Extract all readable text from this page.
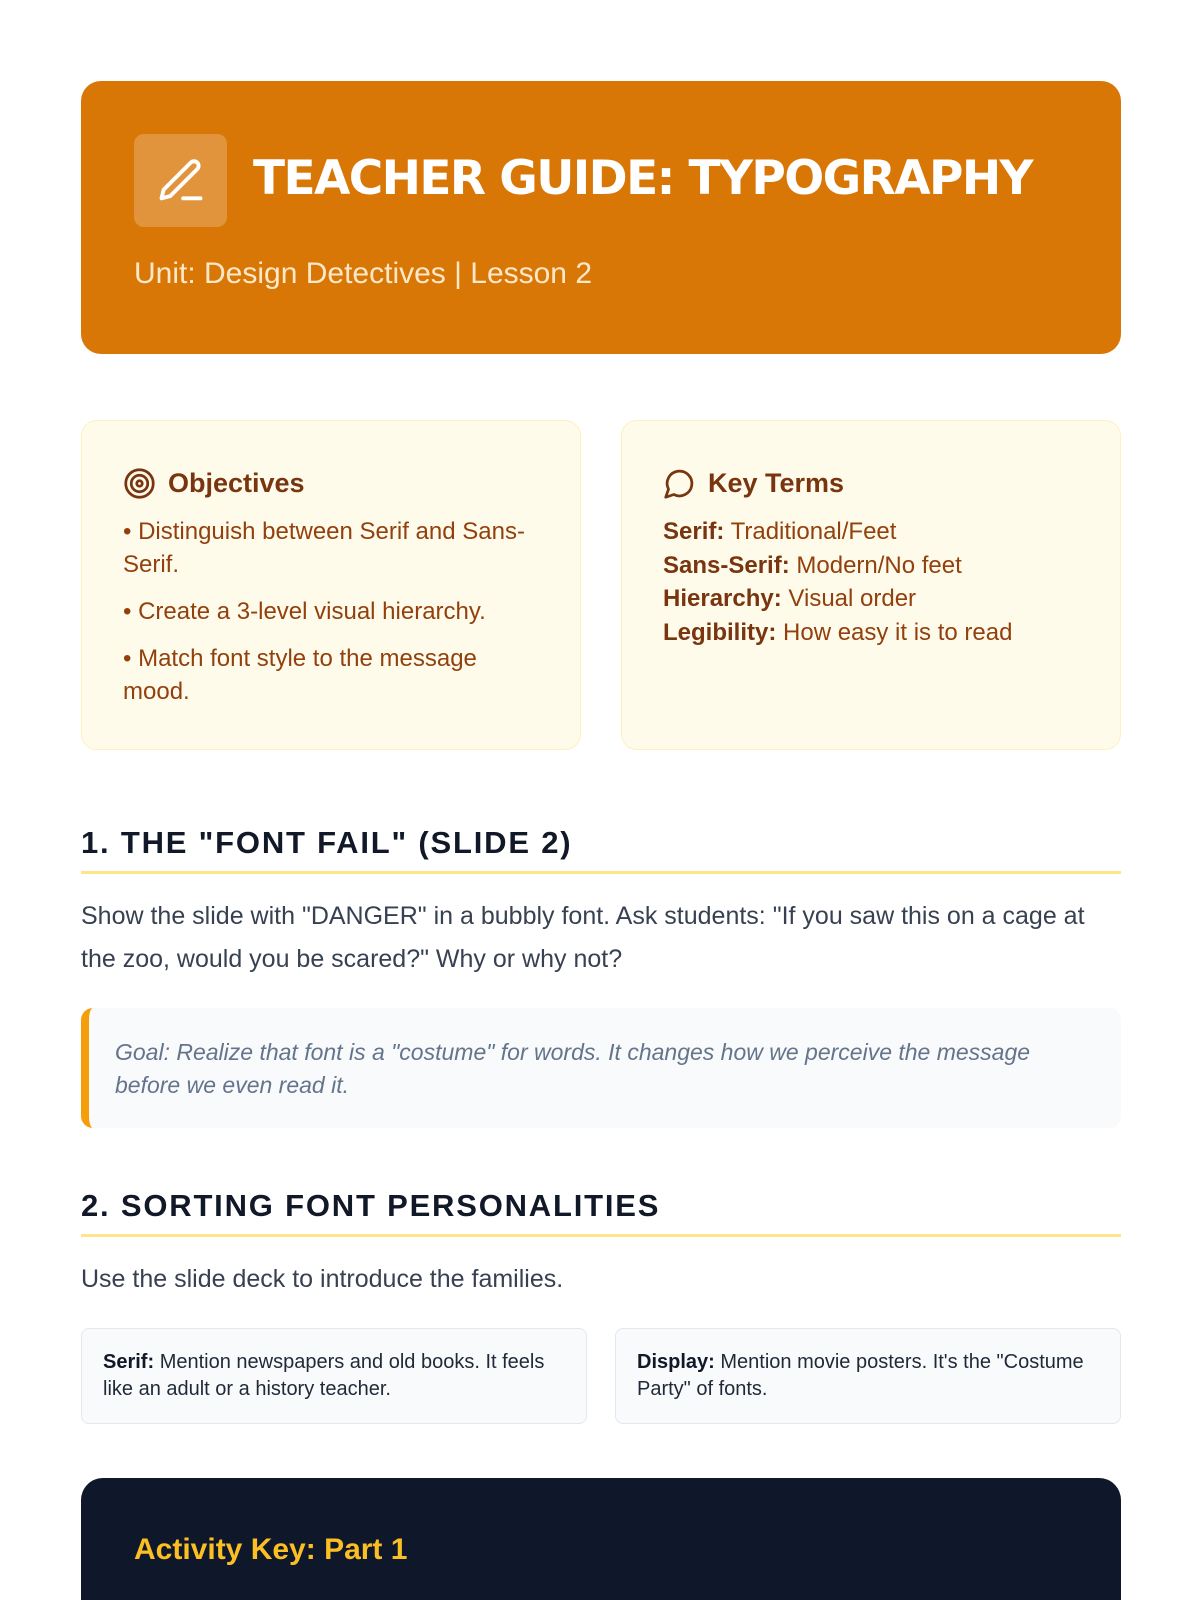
TEACHER GUIDE: TYPOGRAPHY
Unit: Design Detectives | Lesson 2
Objectives
• Distinguish between Serif and Sans-Serif.
• Create a 3-level visual hierarchy.
• Match font style to the message mood.
Key Terms
Serif: Traditional/Feet
Sans-Serif: Modern/No feet
Hierarchy: Visual order
Legibility: How easy it is to read
1. THE "FONT FAIL" (SLIDE 2)

Show the slide with "DANGER" in a bubbly font. Ask students: "If you saw this on a cage at the zoo, would you be scared?" Why or why not?

Goal: Realize that font is a "costume" for words. It changes how we perceive the message before we even read it.

2. SORTING FONT PERSONALITIES

Use the slide deck to introduce the families.

Serif: Mention newspapers and old books. It feels like an adult or a history teacher.
Display: Mention movie posters. It's the "Costume Party" of fonts.
Activity Key: Part 1
